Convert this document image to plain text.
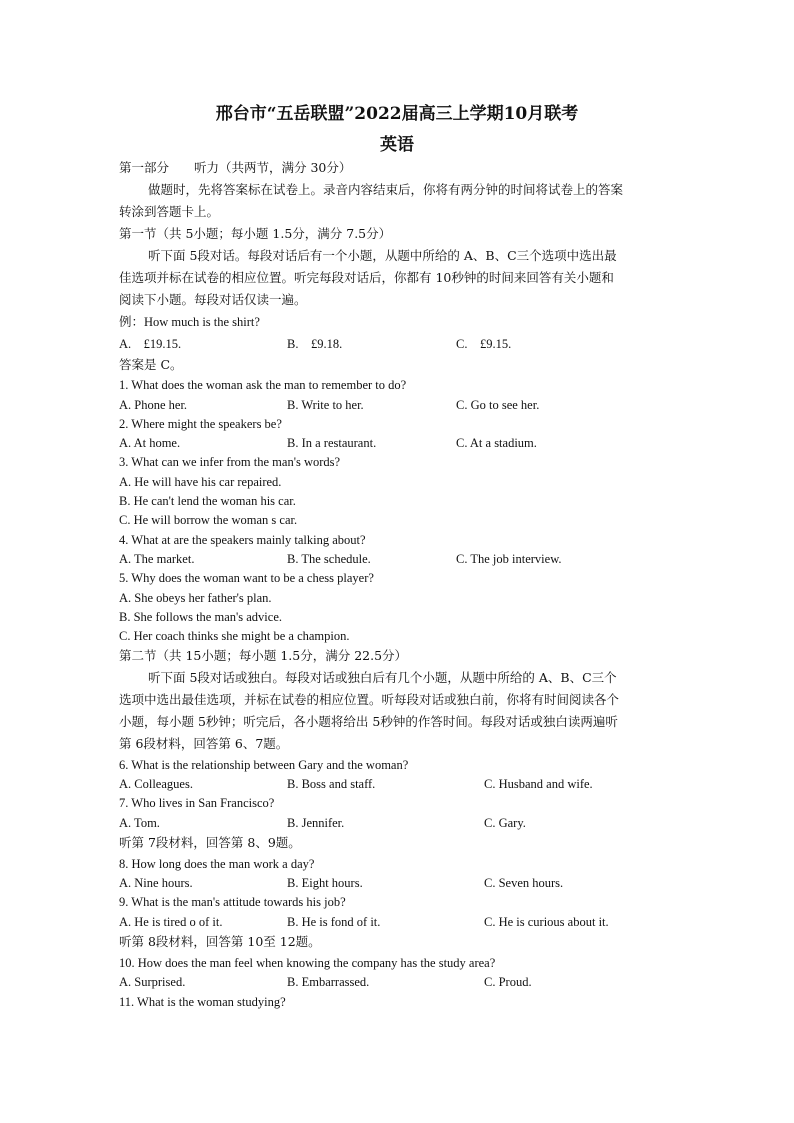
邢台市“五岳联盟”2022届高三上学期10月联考
英语
第一部分　　听力（共两节，满分 30分）
做题时，先将答案标在试卷上。录音内容结束后，你将有两分钟的时间将试卷上的答案
转涂到答题卡上。
第一节（共 5小题；每小题 1.5分，满分 7.5分）
听下面 5段对话。每段对话后有一个小题，从题中所给的 A、B、C三个选项中选出最
佳选项并标在试卷的相应位置。听完每段对话后，你都有 10秒钟的时间来回答有关小题和
阅读下小题。每段对话仅读一遍。
例：How much is the shirt?
A.　£19.15.	B.　£9.18.	C.　£9.15.
答案是 C。
1. What does the woman ask the man to remember to do?
A. Phone her.	B. Write to her.	C. Go to see her.
2. Where might the speakers be?
A. At home.	B. In a restaurant.	C. At a stadium.
3. What can we infer from the man's words?
A. He will have his car repaired.
B. He can't lend the woman his car.
C. He will borrow the woman s car.
4. What at are the speakers mainly talking about?
A. The market.	B. The schedule.	C. The job interview.
5. Why does the woman want to be a chess player?
A. She obeys her father's plan.
B. She follows the man's advice.
C. Her coach thinks she might be a champion.
第二节（共 15小题；每小题 1.5分，满分 22.5分）
听下面 5段对话或独白。每段对话或独白后有几个小题，从题中所给的 A、B、C三个
选项中选出最佳选项，并标在试卷的相应位置。听每段对话或独白前，你将有时间阅读各个
小题，每小题 5秒钟；听完后，各小题将给出 5秒钟的作答时间。每段对话或独白读两遍听
第 6段材料，回答第 6、7题。
6. What is the relationship between Gary and the woman?
A. Colleagues.	B. Boss and staff.	C. Husband and wife.
7. Who lives in San Francisco?
A. Tom.	B. Jennifer.	C. Gary.
听第 7段材料，回答第 8、9题。
8. How long does the man work a day?
A. Nine hours.	B. Eight hours.	C. Seven hours.
9. What is the man's attitude towards his job?
A. He is tired o of it.	B. He is fond of it.	C. He is curious about it.
听第 8段材料，回答第 10至 12题。
10. How does the man feel when knowing the company has the study area?
A. Surprised.	B. Embarrassed.	C. Proud.
11. What is the woman studying?
